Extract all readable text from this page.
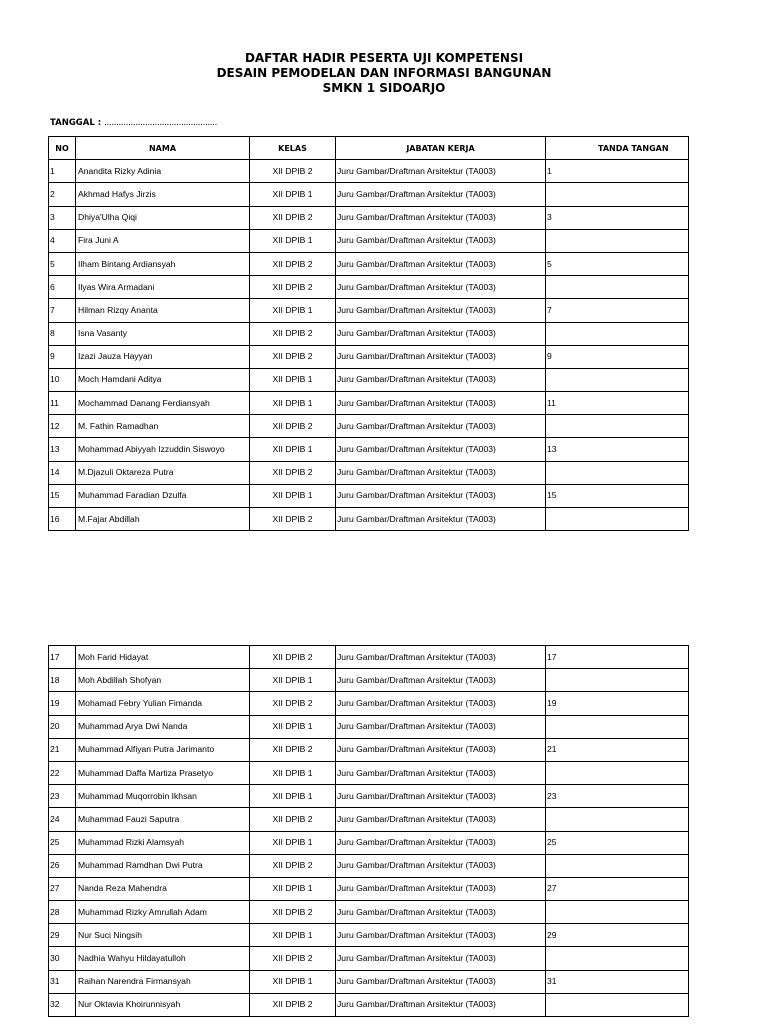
DAFTAR HADIR PESERTA UJI KOMPETENSI
DESAIN PEMODELAN DAN INFORMASI BANGUNAN
SMKN 1 SIDOARJO
TANGGAL : ...............................................
NO	NAMA	KELAS	JABATAN KERJA	TANDA TANGAN
1	Anandita Rizky Adinia	XII DPIB 2	Juru Gambar/Draftman Arsitektur (TA003)	1
2	Akhmad Hafys Jirzis	XII DPIB 1	Juru Gambar/Draftman Arsitektur (TA003)	
3	Dhiya'Ulha Qiqi	XII DPIB 2	Juru Gambar/Draftman Arsitektur (TA003)	3
4	Fira Juni A	XII DPIB 1	Juru Gambar/Draftman Arsitektur (TA003)	
5	Ilham Bintang Ardiansyah	XII DPIB 2	Juru Gambar/Draftman Arsitektur (TA003)	5
6	Ilyas Wira Armadani	XII DPIB 2	Juru Gambar/Draftman Arsitektur (TA003)	
7	Hilman Rizqy Ananta	XII DPIB 1	Juru Gambar/Draftman Arsitektur (TA003)	7
8	Isna Vasanty	XII DPIB 2	Juru Gambar/Draftman Arsitektur (TA003)	
9	Izazi Jauza Hayyan	XII DPIB 2	Juru Gambar/Draftman Arsitektur (TA003)	9
10	Moch Hamdani Aditya	XII DPIB 1	Juru Gambar/Draftman Arsitektur (TA003)	
11	Mochammad Danang Ferdiansyah	XII DPIB 1	Juru Gambar/Draftman Arsitektur (TA003)	11
12	M. Fathin Ramadhan	XII DPIB 2	Juru Gambar/Draftman Arsitektur (TA003)	
13	Mohammad Abiyyah Izzuddin Siswoyo	XII DPIB 1	Juru Gambar/Draftman Arsitektur (TA003)	13
14	M.Djazuli Oktareza Putra	XII DPIB 2	Juru Gambar/Draftman Arsitektur (TA003)	
15	Muhammad Faradian Dzulfa	XII DPIB 1	Juru Gambar/Draftman Arsitektur (TA003)	15
16	M.Fajar Abdillah	XII DPIB 2	Juru Gambar/Draftman Arsitektur (TA003)	
17	Moh Farid Hidayat	XII DPIB 2	Juru Gambar/Draftman Arsitektur (TA003)	17
18	Moh Abdillah Shofyan	XII DPIB 1	Juru Gambar/Draftman Arsitektur (TA003)	
19	Mohamad Febry Yulian Fimanda	XII DPIB 2	Juru Gambar/Draftman Arsitektur (TA003)	19
20	Muhammad Arya Dwi Nanda	XII DPIB 1	Juru Gambar/Draftman Arsitektur (TA003)	
21	Muhammad Alfiyan Putra Jarimanto	XII DPIB 2	Juru Gambar/Draftman Arsitektur (TA003)	21
22	Muhammad Daffa Martiza Prasetyo	XII DPIB 1	Juru Gambar/Draftman Arsitektur (TA003)	
23	Muhammad Muqorrobin Ikhsan	XII DPIB 1	Juru Gambar/Draftman Arsitektur (TA003)	23
24	Muhammad Fauzi Saputra	XII DPIB 2	Juru Gambar/Draftman Arsitektur (TA003)	
25	Muhammad Rizki Alamsyah	XII DPIB 1	Juru Gambar/Draftman Arsitektur (TA003)	25
26	Muhammad Ramdhan Dwi Putra	XII DPIB 2	Juru Gambar/Draftman Arsitektur (TA003)	
27	Nanda Reza Mahendra	XII DPIB 1	Juru Gambar/Draftman Arsitektur (TA003)	27
28	Muhammad Rizky Amrullah Adam	XII DPIB 2	Juru Gambar/Draftman Arsitektur (TA003)	
29	Nur Suci Ningsih	XII DPIB 1	Juru Gambar/Draftman Arsitektur (TA003)	29
30	Nadhia Wahyu Hildayatulloh	XII DPIB 2	Juru Gambar/Draftman Arsitektur (TA003)	
31	Raihan Narendra Firmansyah	XII DPIB 1	Juru Gambar/Draftman Arsitektur (TA003)	31
32	Nur Oktavia Khoirunnisyah	XII DPIB 2	Juru Gambar/Draftman Arsitektur (TA003)	
